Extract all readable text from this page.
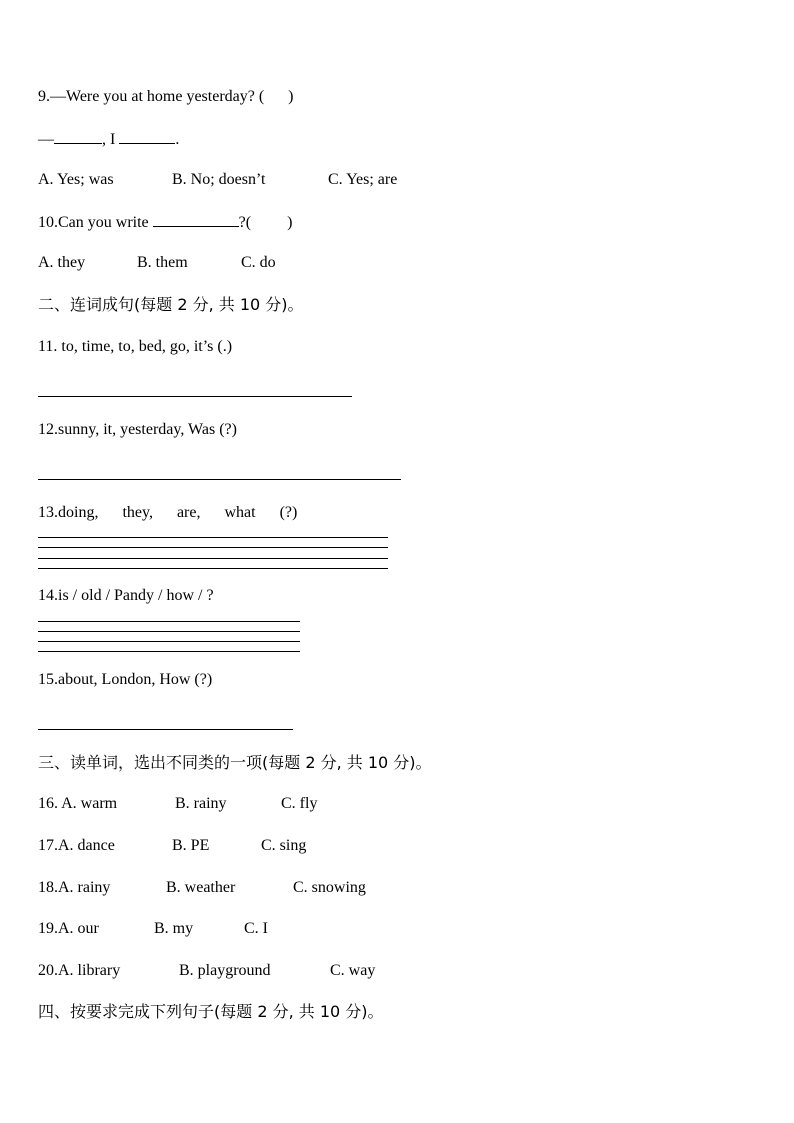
9.—Were you at home yesterday? (      )
—	, I	.
A. Yes; was	B. No; doesn’t	C. Yes; are
10.Can you write	?(         )
A. they	B. them	C. do
二、连词成句(每题 2 分, 共 10 分)。
11. to, time, to, bed, go, it’s (.)
12.sunny, it, yesterday, Was (?)
13.doing,      they,      are,      what      (?)
14.is / old / Pandy / how / ?
15.about, London, How (?)
三、读单词，选出不同类的一项(每题 2 分, 共 10 分)。
16. A. warm	B. rainy	C. fly
17.A. dance	B. PE	C. sing
18.A. rainy	B. weather	C. snowing
19.A. our	B. my	C. I
20.A. library	B. playground	C. way
四、按要求完成下列句子(每题 2 分, 共 10 分)。
